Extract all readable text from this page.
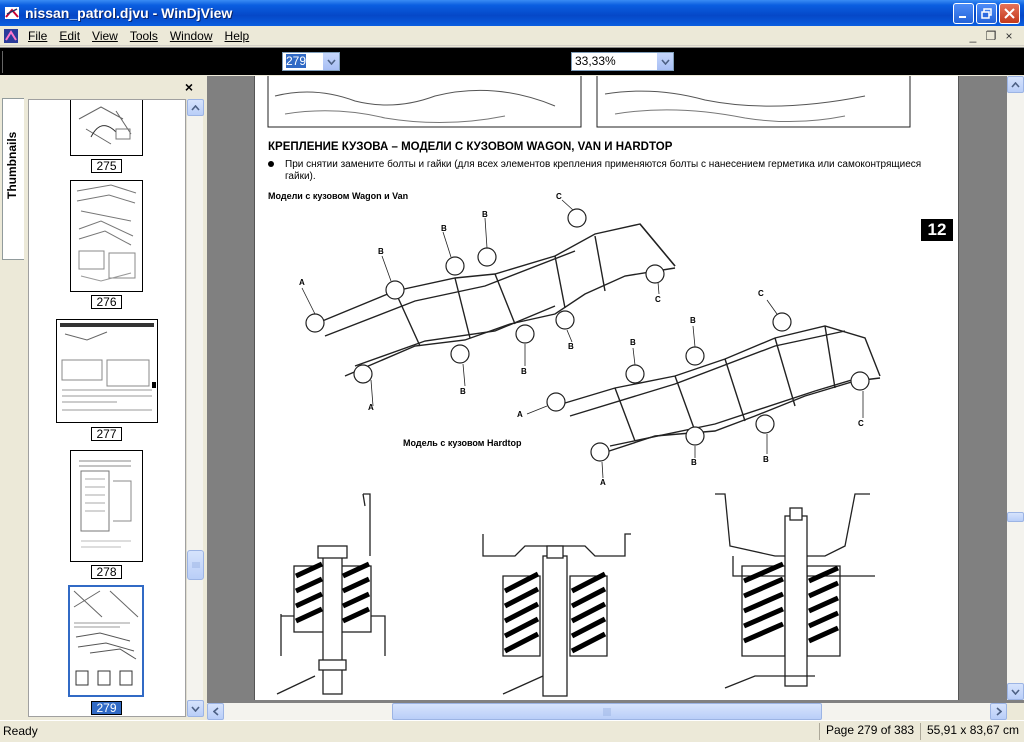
nissan_patrol.djvu - WinDjView
File	Edit	View	Tools	Window	Help	_ ❐ ×
279	33,33%
Thumbnails
×
275
276
277
278
279
КРЕПЛЕНИЕ КУЗОВА – МОДЕЛИ С КУЗОВОМ WAGON, VAN И HARDTOP
При снятии замените болты и гайки (для всех элементов крепления применяются болты с нанесением герметика или самоконтрящиеся гайки).
Модели с кузовом Wagon и Van
Модель с кузовом Hardtop
12
A
A
B
B
B
C
C
B
B
B
A
A
B
B
C
C
B	B
Ready	Page 279 of 383	55,91 x 83,67 cm
